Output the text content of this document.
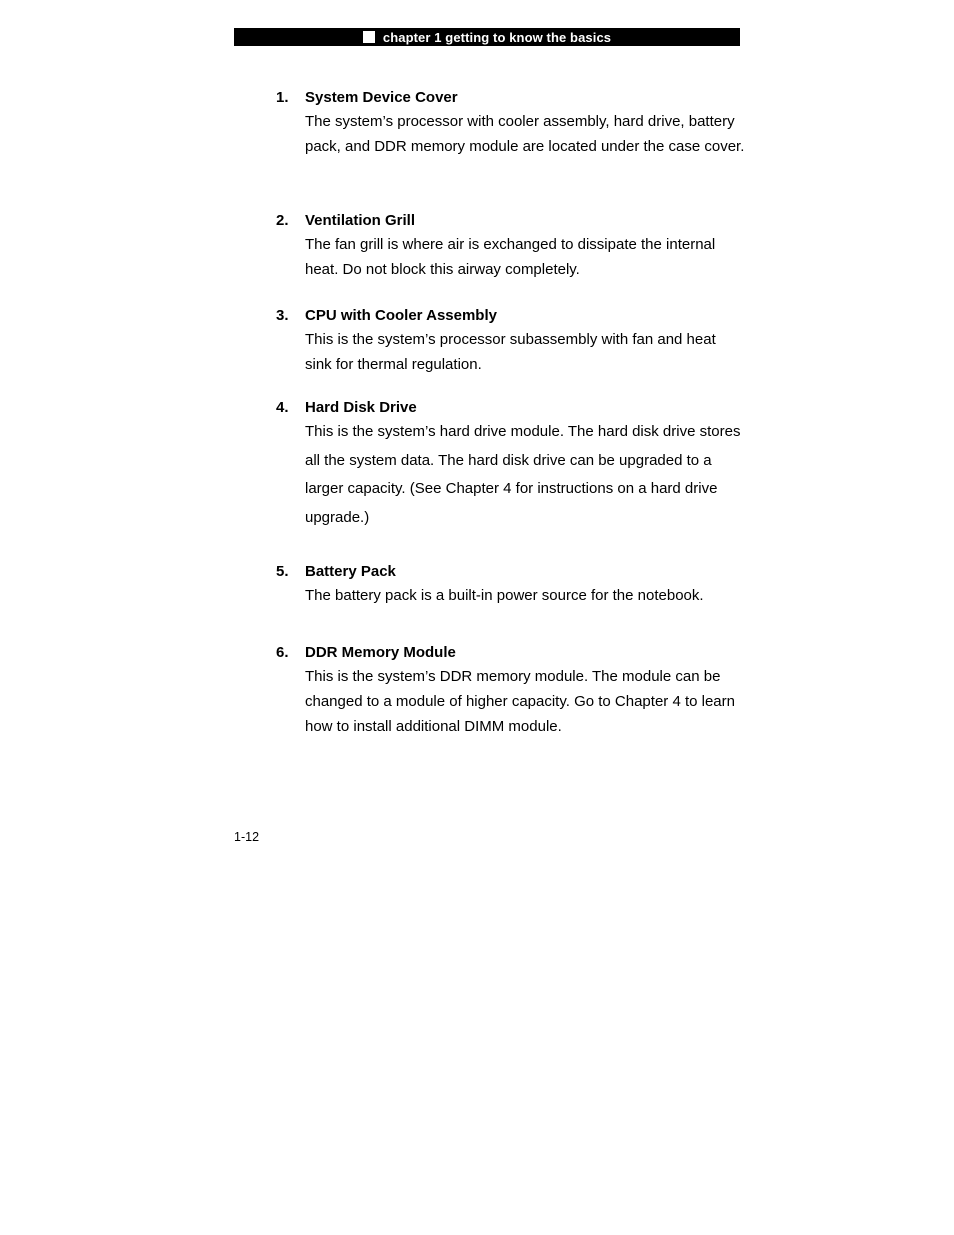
chapter 1 getting to know the basics
1. System Device Cover
The system’s processor with cooler assembly, hard drive, battery pack, and DDR memory module are located under the case cover.
2. Ventilation Grill
The fan grill is where air is exchanged to dissipate the internal heat. Do not block this airway completely.
3. CPU with Cooler Assembly
This is the system’s processor subassembly with fan and heat sink for thermal regulation.
4. Hard Disk Drive
This is the system’s hard drive module. The hard disk drive stores all the system data. The hard disk drive can be upgraded to a larger capacity. (See Chapter 4 for instructions on a hard drive upgrade.)
5. Battery Pack
The battery pack is a built-in power source for the notebook.
6. DDR Memory Module
This is the system’s DDR memory module. The module can be changed to a module of higher capacity. Go to Chapter 4 to learn how to install additional DIMM module.
1-12
